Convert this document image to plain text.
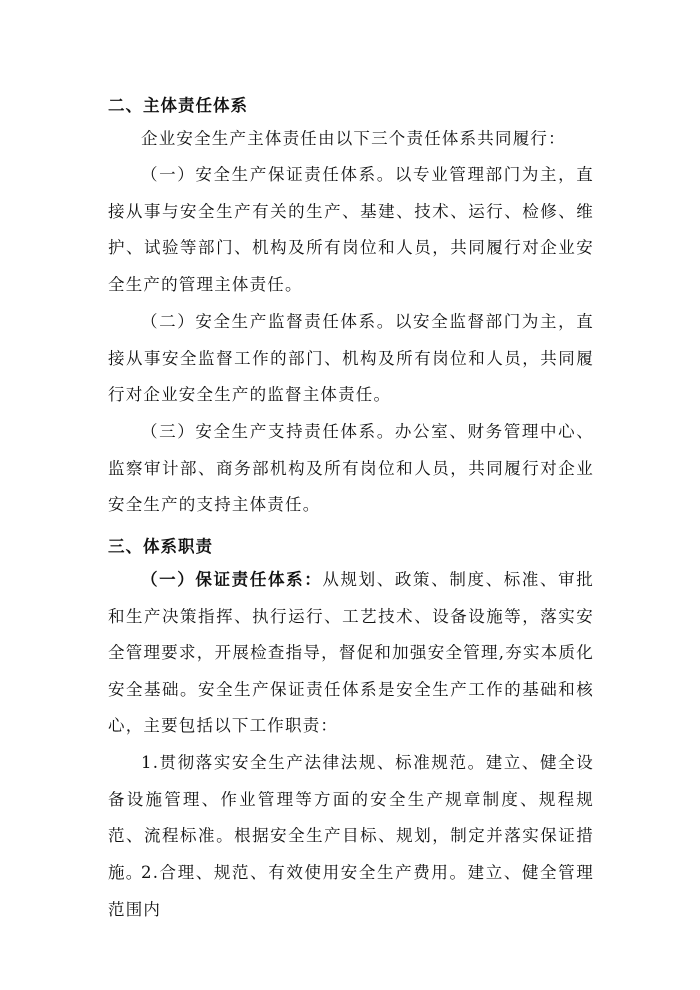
二、主体责任体系

企业安全生产主体责任由以下三个责任体系共同履行：

（一）安全生产保证责任体系。以专业管理部门为主，直接从事与安全生产有关的生产、基建、技术、运行、检修、维护、试验等部门、机构及所有岗位和人员，共同履行对企业安全生产的管理主体责任。

（二）安全生产监督责任体系。以安全监督部门为主，直接从事安全监督工作的部门、机构及所有岗位和人员，共同履行对企业安全生产的监督主体责任。

（三）安全生产支持责任体系。办公室、财务管理中心、监察审计部、商务部机构及所有岗位和人员，共同履行对企业安全生产的支持主体责任。

三、体系职责

（一）保证责任体系：从规划、政策、制度、标准、审批和生产决策指挥、执行运行、工艺技术、设备设施等，落实安全管理要求，开展检查指导，督促和加强安全管理,夯实本质化安全基础。安全生产保证责任体系是安全生产工作的基础和核心，主要包括以下工作职责：

1.贯彻落实安全生产法律法规、标准规范。建立、健全设备设施管理、作业管理等方面的安全生产规章制度、规程规范、流程标准。根据安全生产目标、规划，制定并落实保证措施。

2.合理、规范、有效使用安全生产费用。建立、健全管理范围内
